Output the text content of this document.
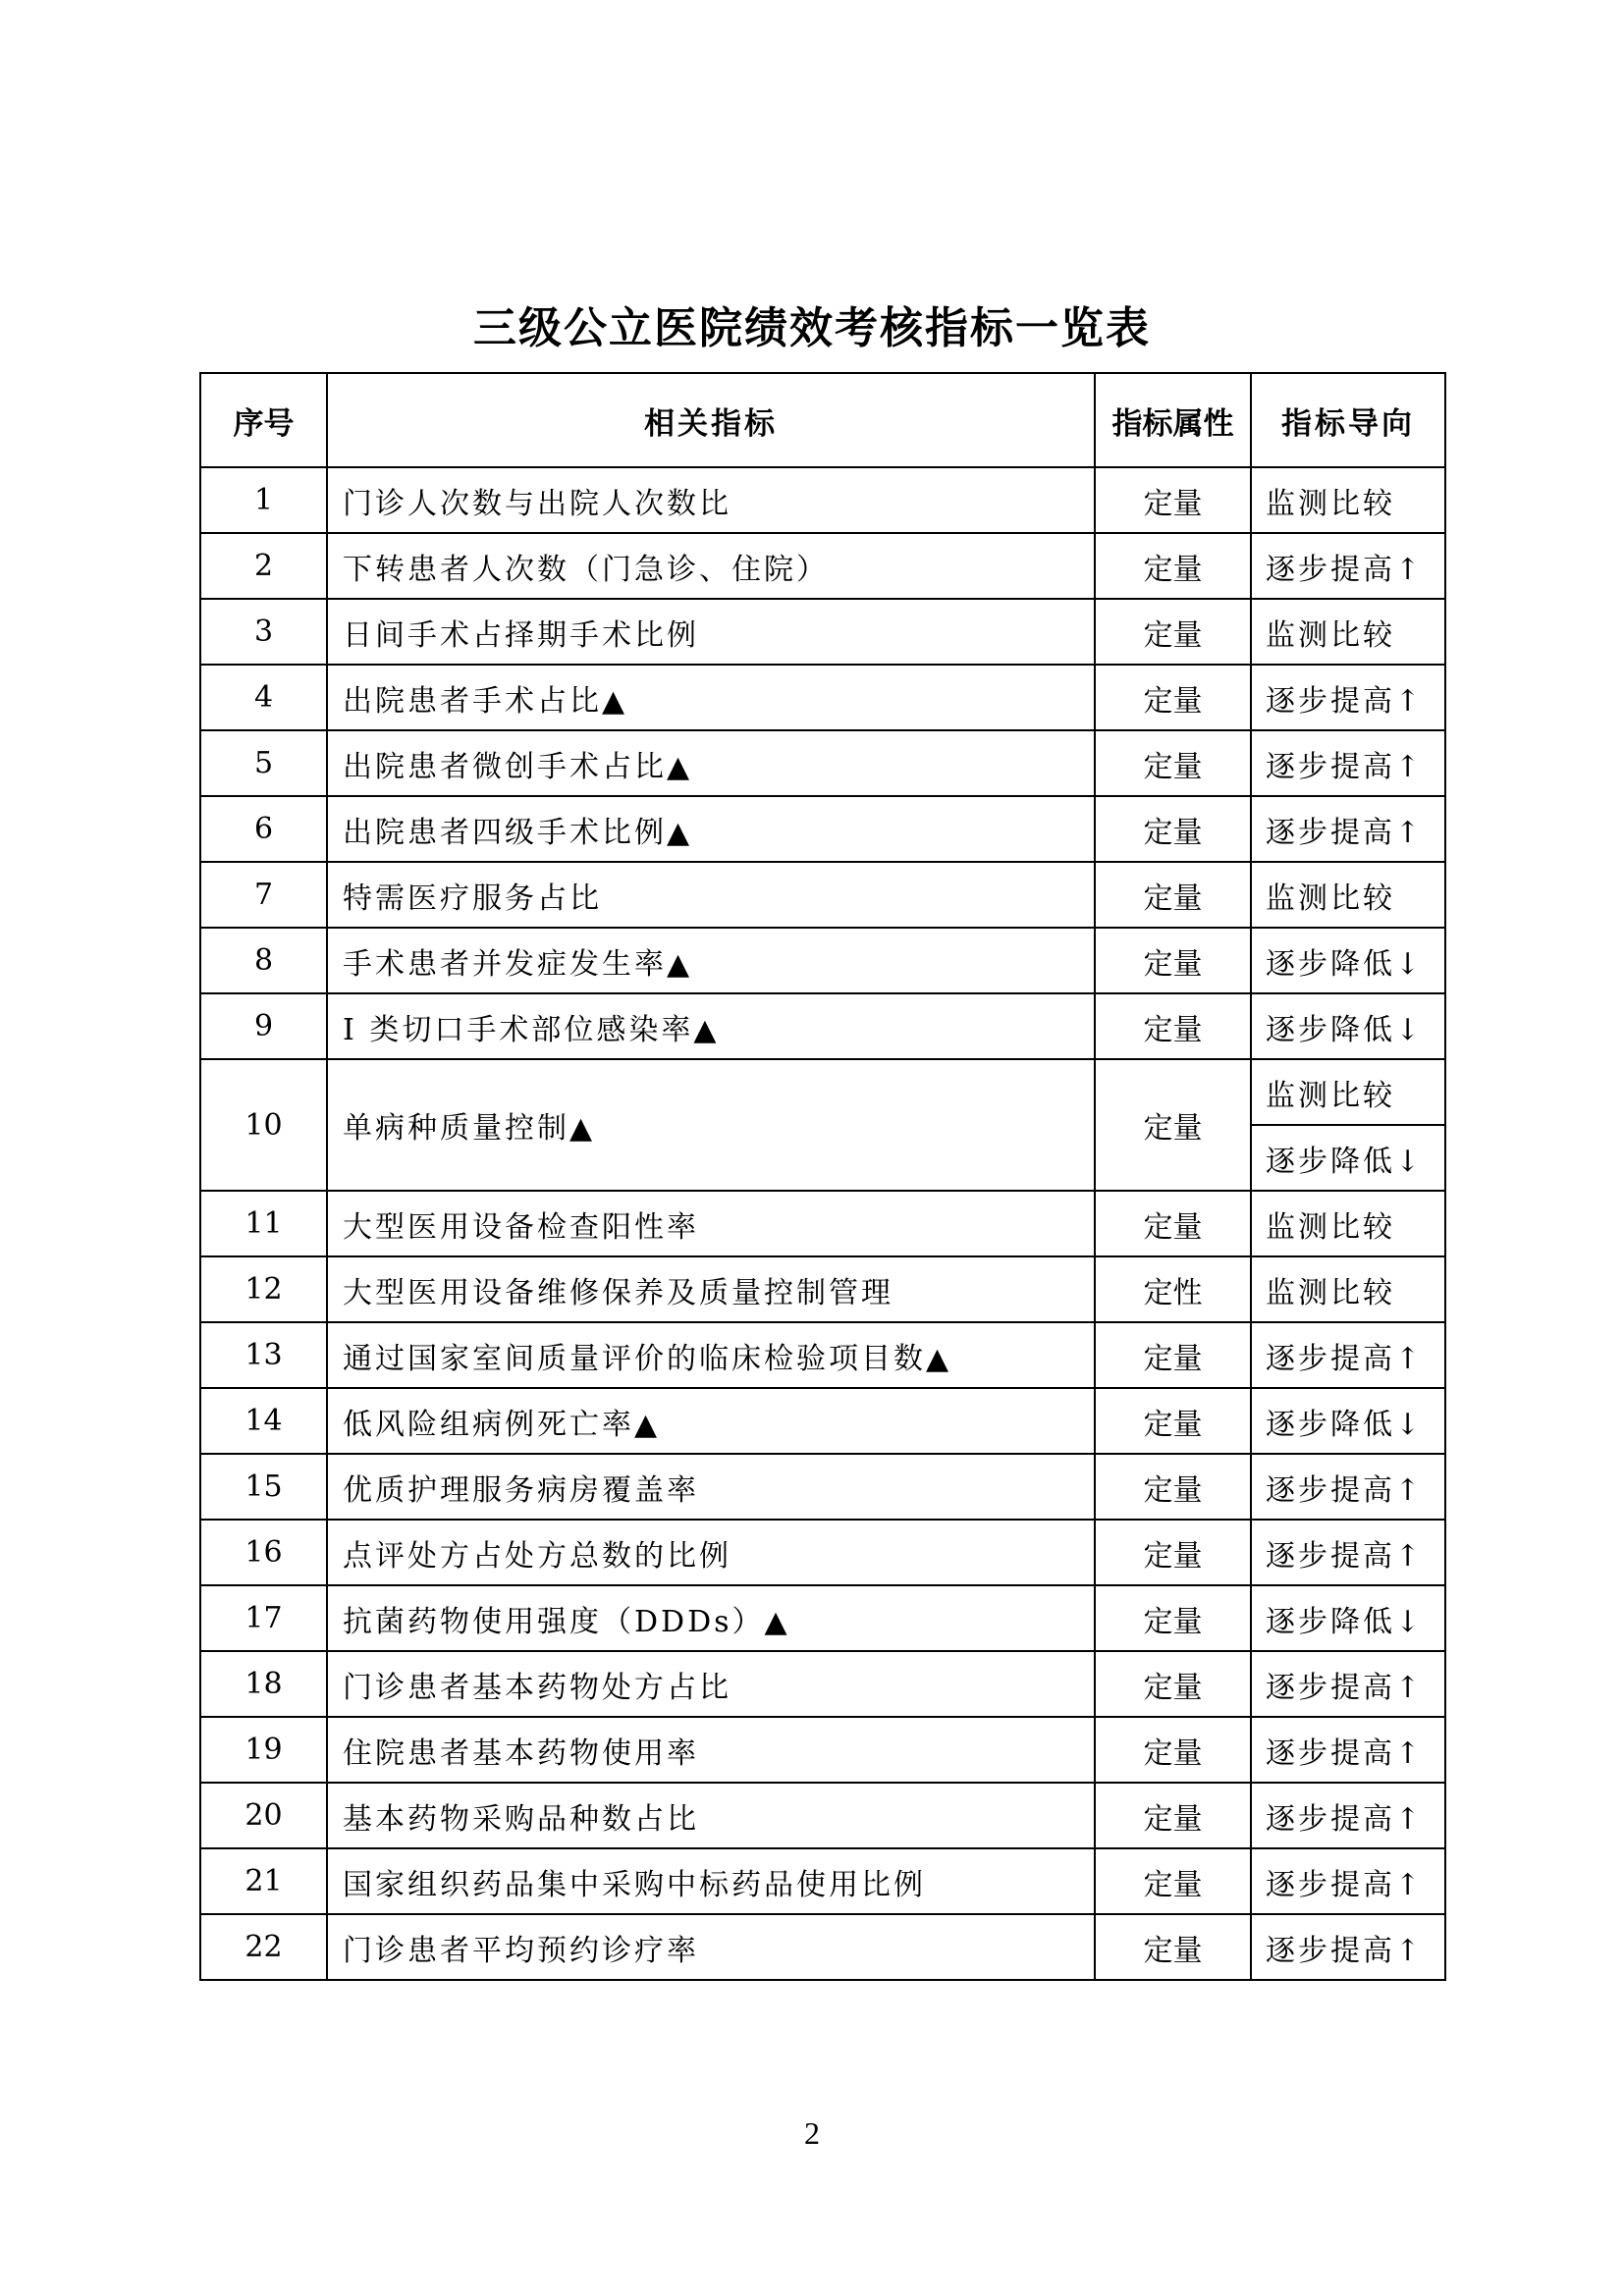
三级公立医院绩效考核指标一览表
序号	相关指标	指标属性	指标导向
1	门诊人次数与出院人次数比	定量	监测比较
2	下转患者人次数（门急诊、住院）	定量	逐步提高↑
3	日间手术占择期手术比例	定量	监测比较
4	出院患者手术占比▲	定量	逐步提高↑
5	出院患者微创手术占比▲	定量	逐步提高↑
6	出院患者四级手术比例▲	定量	逐步提高↑
7	特需医疗服务占比	定量	监测比较
8	手术患者并发症发生率▲	定量	逐步降低↓
9	I 类切口手术部位感染率▲	定量	逐步降低↓
10	单病种质量控制▲	定量	监测比较
			逐步降低↓
11	大型医用设备检查阳性率	定量	监测比较
12	大型医用设备维修保养及质量控制管理	定性	监测比较
13	通过国家室间质量评价的临床检验项目数▲	定量	逐步提高↑
14	低风险组病例死亡率▲	定量	逐步降低↓
15	优质护理服务病房覆盖率	定量	逐步提高↑
16	点评处方占处方总数的比例	定量	逐步提高↑
17	抗菌药物使用强度（DDDs）▲	定量	逐步降低↓
18	门诊患者基本药物处方占比	定量	逐步提高↑
19	住院患者基本药物使用率	定量	逐步提高↑
20	基本药物采购品种数占比	定量	逐步提高↑
21	国家组织药品集中采购中标药品使用比例	定量	逐步提高↑
22	门诊患者平均预约诊疗率	定量	逐步提高↑
2
